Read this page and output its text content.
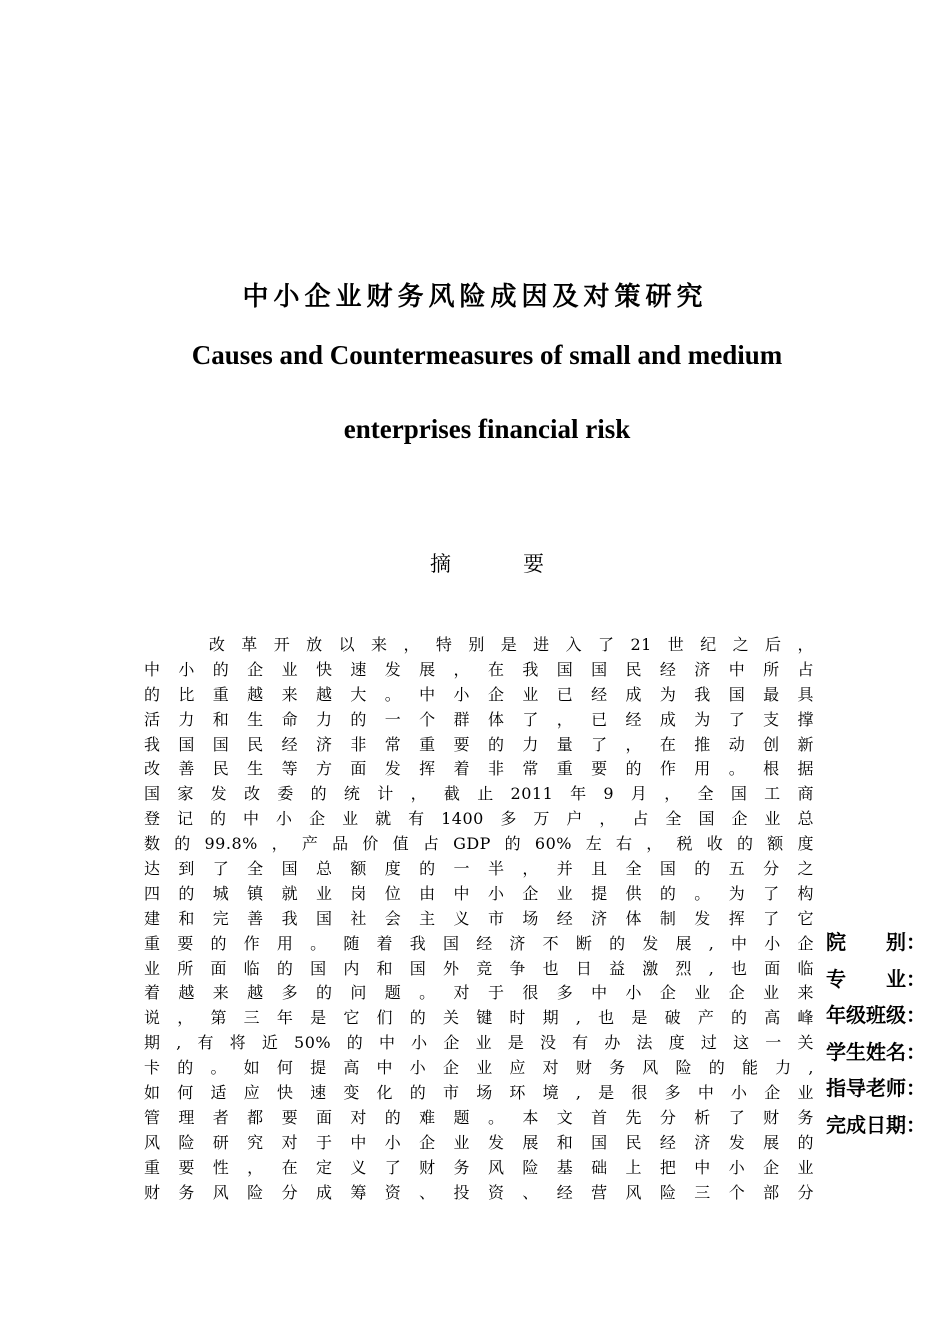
中小企业财务风险成因及对策研究
Causes and Countermeasures of small and medium
enterprises financial risk
摘	要
　　改革开放以来，特别是进入了21世纪之后，
中小的企业快速发展，在我国国民经济中所占
的比重越来越大。中小企业已经成为我国最具
活力和生命力的一个群体了，已经成为了支撑
我国国民经济非常重要的力量了，在推动创新
改善民生等方面发挥着非常重要的作用。根据
国家发改委的统计，截止2011年9月，全国工商
登记的中小企业就有1400多万户，占全国企业总
数的99.8%，产品价值占GDP的60%左右，税收的额度
达到了全国总额度的一半，并且全国的五分之
四的城镇就业岗位由中小企业提供的。为了构
建和完善我国社会主义市场经济体制发挥了它
重要的作用。随着我国经济不断的发展,中小企
业所面临的国内和国外竞争也日益激烈,也面临
着越来越多的问题。对于很多中小企业企业来
说，第三年是它们的关键时期,也是破产的高峰
期,有将近50%的中小企业是没有办法度过这一关
卡的。如何提高中小企业应对财务风险的能力,
如何适应快速变化的市场环境,是很多中小企业
管理者都要面对的难题。本文首先分析了财务
风险研究对于中小企业发展和国民经济发展的
重要性，在定义了财务风险基础上把中小企业
财务风险分成筹资、投资、经营风险三个部分
院　　别：
专　　业：
年级班级：
学生姓名：
指导老师：
完成日期：
